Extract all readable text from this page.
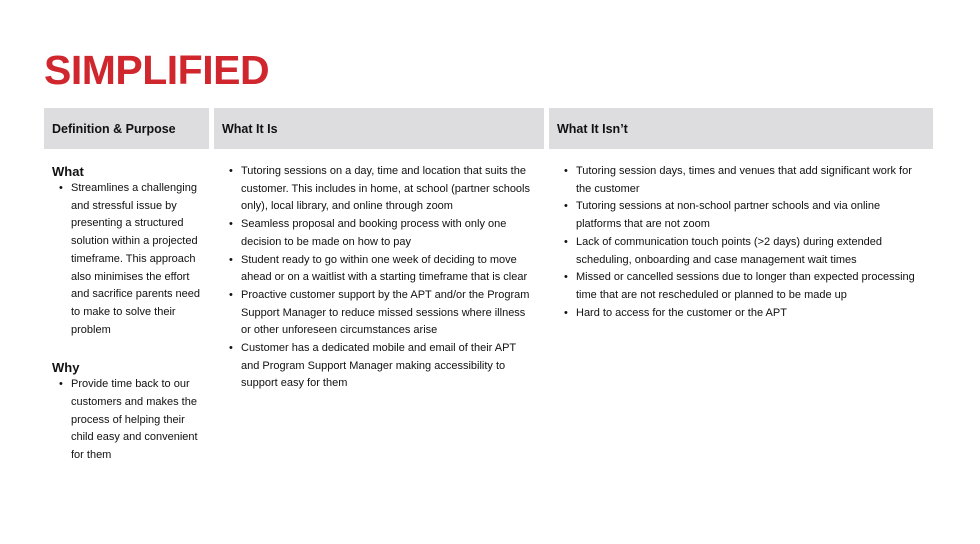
SIMPLIFIED
Definition & Purpose
What
• Streamlines a challenging and stressful issue by presenting a structured solution within a projected timeframe. This approach also minimises the effort and sacrifice parents need to make to solve their problem
Why
• Provide time back to our customers and makes the process of helping their child easy and convenient for them
What It Is
• Tutoring sessions on a day, time and location that suits the customer. This includes in home, at school (partner schools only), local library, and online through zoom
• Seamless proposal and booking process with only one decision to be made on how to pay
• Student ready to go within one week of deciding to move ahead or on a waitlist with a starting timeframe that is clear
• Proactive customer support by the APT and/or the Program Support Manager to reduce missed sessions where illness or other unforeseen circumstances arise
• Customer has a dedicated mobile and email of their APT and Program Support Manager making accessibility to support easy for them
What It Isn’t
• Tutoring session days, times and venues that add significant work for the customer
• Tutoring sessions at non-school partner schools and via online platforms that are not zoom
• Lack of communication touch points (>2 days) during extended scheduling, onboarding and case management wait times
• Missed or cancelled sessions due to longer than expected processing time that are not rescheduled or planned to be made up
• Hard to access for the customer or the APT
